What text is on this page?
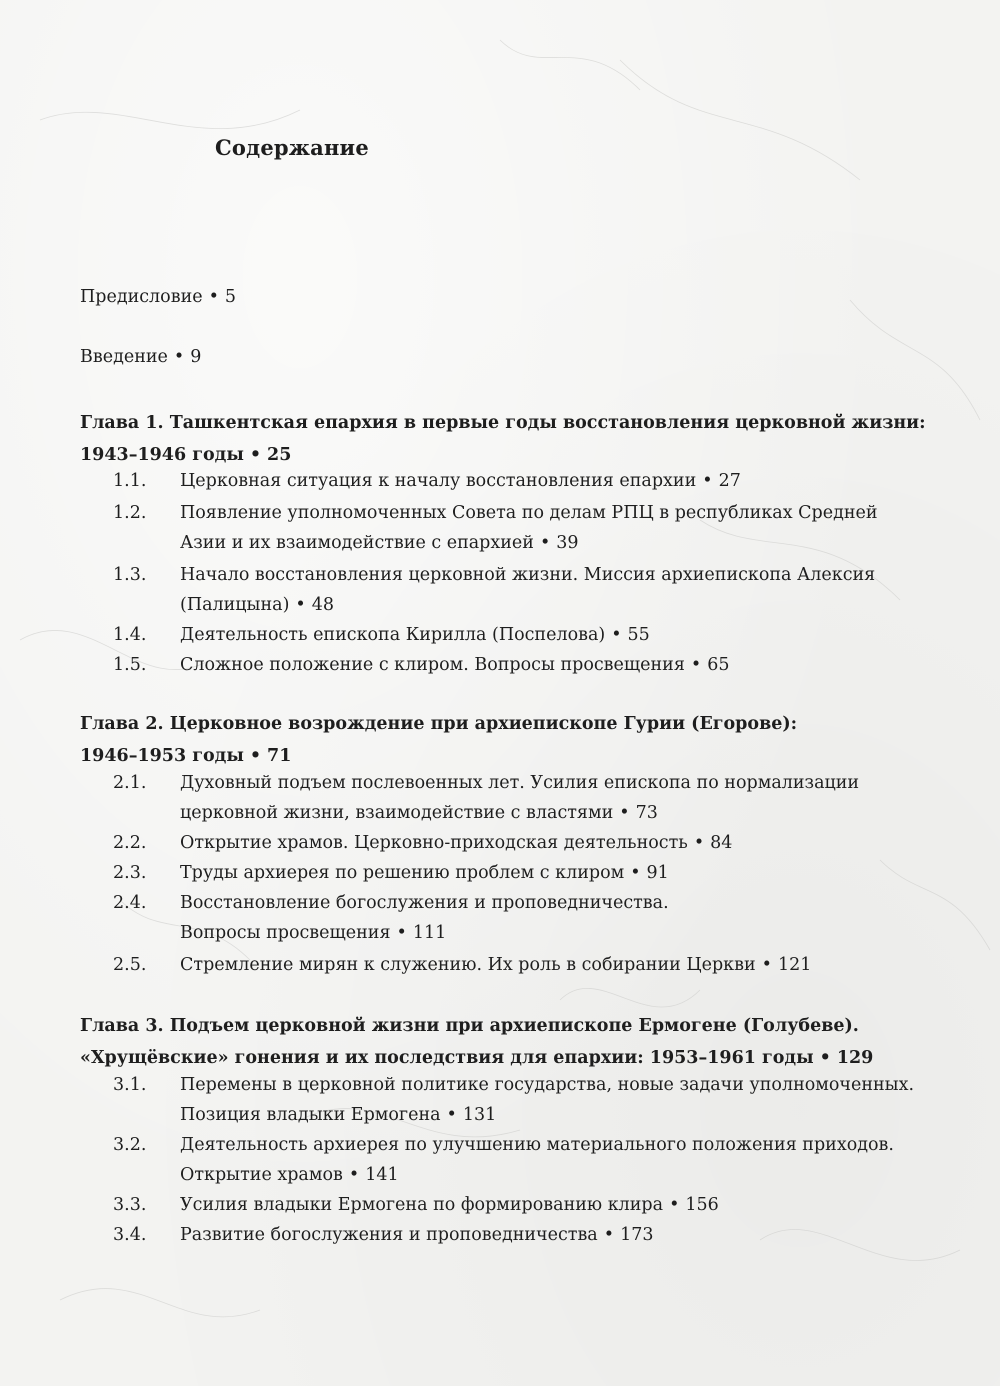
Содержание
Предисловие • 5
Введение • 9
Глава 1. Ташкентская епархия в первые годы восстановления церковной жизни:
1943–1946 годы • 25
1.1. Церковная ситуация к началу восстановления епархии • 27
1.2. Появление уполномоченных Совета по делам РПЦ в республиках Средней
Азии и их взаимодействие с епархией • 39
1.3. Начало восстановления церковной жизни. Миссия архиепископа Алексия
(Палицына) • 48
1.4. Деятельность епископа Кирилла (Поспелова) • 55
1.5. Сложное положение с клиром. Вопросы просвещения • 65
Глава 2. Церковное возрождение при архиепископе Гурии (Егорове):
1946–1953 годы • 71
2.1. Духовный подъем послевоенных лет. Усилия епископа по нормализации
церковной жизни, взаимодействие с властями • 73
2.2. Открытие храмов. Церковно-приходская деятельность • 84
2.3. Труды архиерея по решению проблем с клиром • 91
2.4. Восстановление богослужения и проповедничества.
Вопросы просвещения • 111
2.5. Стремление мирян к служению. Их роль в собирании Церкви • 121
Глава 3. Подъем церковной жизни при архиепископе Ермогене (Голубеве).
«Хрущёвские» гонения и их последствия для епархии: 1953–1961 годы • 129
3.1. Перемены в церковной политике государства, новые задачи уполномоченных.
Позиция владыки Ермогена • 131
3.2. Деятельность архиерея по улучшению материального положения приходов.
Открытие храмов • 141
3.3. Усилия владыки Ермогена по формированию клира • 156
3.4. Развитие богослужения и проповедничества • 173
